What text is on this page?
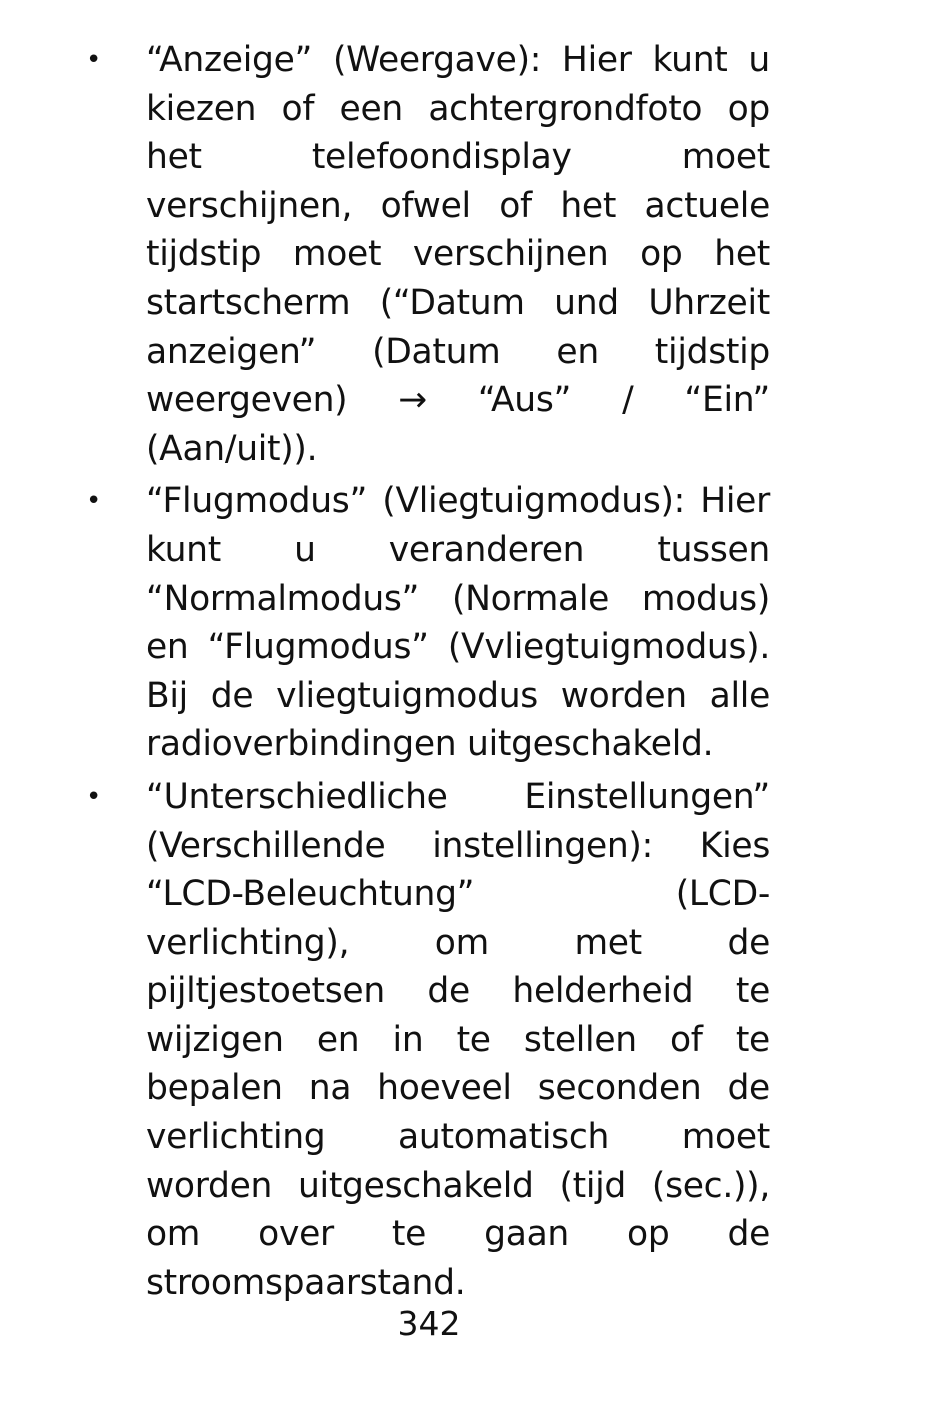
• “Anzeige” (Weergave): Hier kunt u kiezen of een achtergrondfoto op het telefoondisplay moet verschijnen, ofwel of het actuele tijdstip moet verschijnen op het startscherm (“Datum und Uhrzeit anzeigen” (Datum en tijdstip weergeven) → “Aus” / “Ein” (Aan/uit)).
• “Flugmodus” (Vliegtuigmodus): Hier kunt u veranderen tussen “Normalmodus” (Normale modus) en “Flugmodus” (Vvliegtuigmodus). Bij de vliegtuigmodus worden alle radioverbindingen uitgeschakeld.
• “Unterschiedliche Einstellungen” (Verschillende instellingen): Kies “LCD-Beleuchtung” (LCD-verlichting), om met de pijltjestoetsen de helderheid te wijzigen en in te stellen of te bepalen na hoeveel seconden de verlichting automatisch moet worden uitgeschakeld (tijd (sec.)), om over te gaan op de stroomspaarstand.
342
